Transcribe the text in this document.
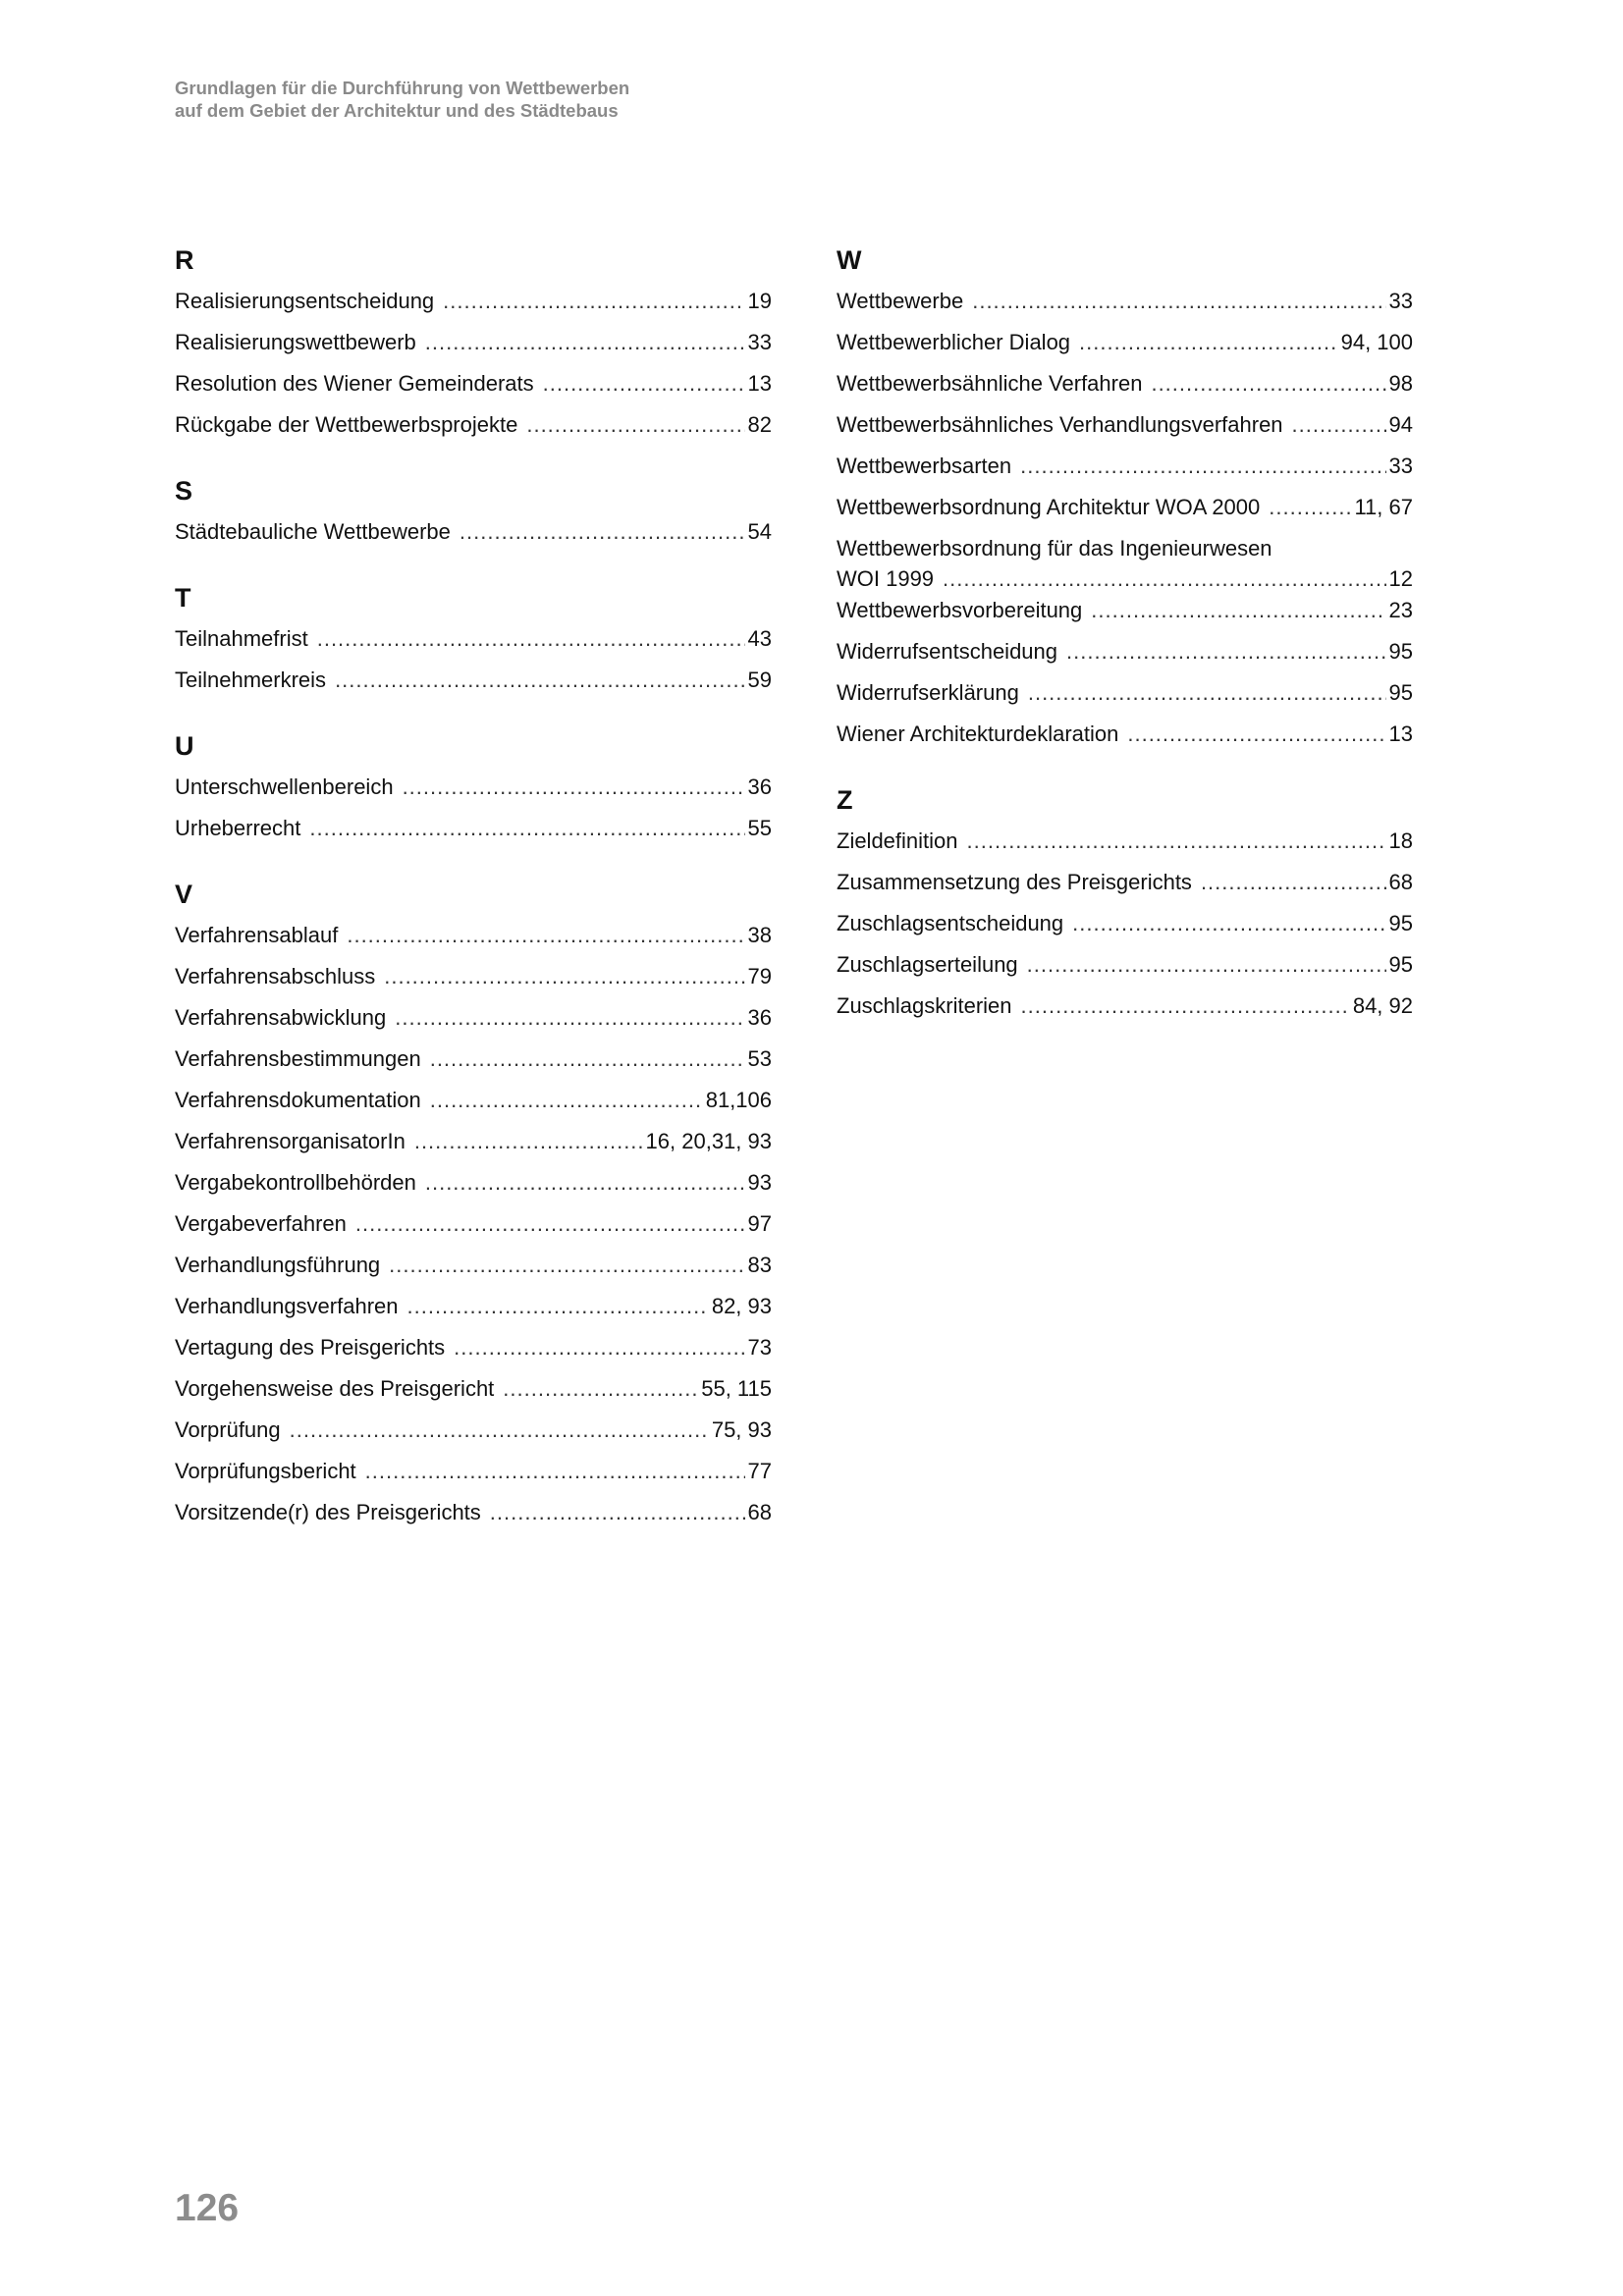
Grundlagen für die Durchführung von Wettbewerben
auf dem Gebiet der Architektur und des Städtebaus
R
Realisierungsentscheidung .....	19
Realisierungswettbewerb .....	33
Resolution des Wiener Gemeinderats .....	13
Rückgabe der Wettbewerbsprojekte .....	82
S
Städtebauliche Wettbewerbe .....	54
T
Teilnahmefrist .....	43
Teilnehmerkreis .....	59
U
Unterschwellenbereich .....	36
Urheberrecht .....	55
V
Verfahrensablauf .....	38
Verfahrensabschluss .....	79
Verfahrensabwicklung .....	36
Verfahrensbestimmungen .....	53
Verfahrensdokumentation .....	81,106
VerfahrensorganisatorIn .....	16, 20,31, 93
Vergabekontrollbehörden .....	93
Vergabeverfahren .....	97
Verhandlungsführung .....	83
Verhandlungsverfahren .....	82, 93
Vertagung des Preisgerichts .....	73
Vorgehensweise des Preisgericht .....	55, 115
Vorprüfung .....	75, 93
Vorprüfungsbericht .....	77
Vorsitzende(r) des Preisgerichts .....	68
W
Wettbewerbe .....	33
Wettbewerblicher Dialog .....	94, 100
Wettbewerbsähnliche Verfahren .....	98
Wettbewerbsähnliches Verhandlungsverfahren .....	94
Wettbewerbsarten .....	33
Wettbewerbsordnung Architektur WOA 2000 .....	11, 67
Wettbewerbsordnung für das Ingenieurwesen
WOI 1999 .....	12
Wettbewerbsvorbereitung .....	23
Widerrufsentscheidung .....	95
Widerrufserklärung .....	95
Wiener Architekturdeklaration .....	13
Z
Zieldefinition .....	18
Zusammensetzung des Preisgerichts .....	68
Zuschlagsentscheidung .....	95
Zuschlagserteilung .....	95
Zuschlagskriterien .....	84, 92
126
